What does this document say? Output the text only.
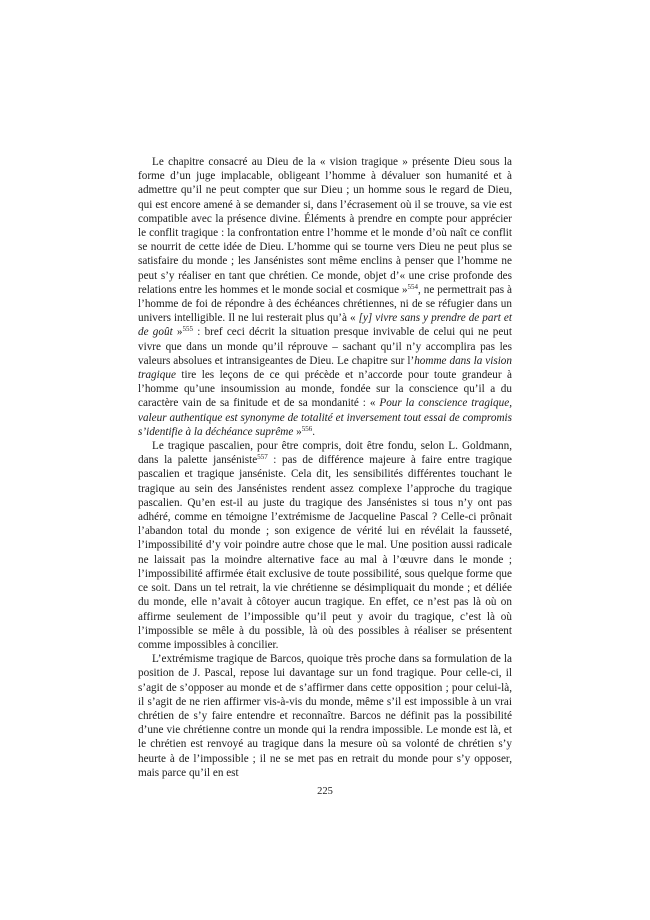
Le chapitre consacré au Dieu de la « vision tragique » présente Dieu sous la forme d’un juge implacable, obligeant l’homme à dévaluer son humanité et à admettre qu’il ne peut compter que sur Dieu ; un homme sous le regard de Dieu, qui est encore amené à se demander si, dans l’écrasement où il se trouve, sa vie est compatible avec la présence divine. Éléments à prendre en compte pour apprécier le conflit tragique : la confrontation entre l’homme et le monde d’où naît ce conflit se nourrit de cette idée de Dieu. L’homme qui se tourne vers Dieu ne peut plus se satisfaire du monde ; les Jansénistes sont même enclins à penser que l’homme ne peut s’y réaliser en tant que chrétien. Ce monde, objet d’« une crise profonde des relations entre les hommes et le monde social et cosmique »$^{554}$, ne permettrait pas à l’homme de foi de répondre à des échéances chrétiennes, ni de se réfugier dans un univers intelligible. Il ne lui resterait plus qu’à « [y] vivre sans y prendre de part et de goût »$^{555}$ : bref ceci décrit la situation presque invivable de celui qui ne peut vivre que dans un monde qu’il réprouve – sachant qu’il n’y accomplira pas les valeurs absolues et intransigeantes de Dieu. Le chapitre sur l’homme dans la vision tragique tire les leçons de ce qui précède et n’accorde pour toute grandeur à l’homme qu’une insoumission au monde, fondée sur la conscience qu’il a du caractère vain de sa finitude et de sa mondanité : « Pour la conscience tragique, valeur authentique est synonyme de totalité et inversement tout essai de compromis s’identifie à la déchéance suprême »$^{556}$.

Le tragique pascalien, pour être compris, doit être fondu, selon L. Goldmann, dans la palette janséniste$^{557}$ : pas de différence majeure à faire entre tragique pascalien et tragique janséniste. Cela dit, les sensibilités différentes touchant le tragique au sein des Jansénistes rendent assez complexe l’approche du tragique pascalien. Qu’en est-il au juste du tragique des Jansénistes si tous n’y ont pas adhéré, comme en témoigne l’extrémisme de Jacqueline Pascal ? Celle-ci prônait l’abandon total du monde ; son exigence de vérité lui en révélait la fausseté, l’impossibilité d’y voir poindre autre chose que le mal. Une position aussi radicale ne laissait pas la moindre alternative face au mal à l’œuvre dans le monde ; l’impossibilité affirmée était exclusive de toute possibilité, sous quelque forme que ce soit. Dans un tel retrait, la vie chrétienne se désimpliquait du monde ; et déliée du monde, elle n’avait à côtoyer aucun tragique. En effet, ce n’est pas là où on affirme seulement de l’impossible qu’il peut y avoir du tragique, c’est là où l’impossible se mêle à du possible, là où des possibles à réaliser se présentent comme impossibles à concilier.

L’extrémisme tragique de Barcos, quoique très proche dans sa formulation de la position de J. Pascal, repose lui davantage sur un fond tragique. Pour celle-ci, il s’agit de s’opposer au monde et de s’affirmer dans cette opposition ; pour celui-là, il s’agit de ne rien affirmer vis-à-vis du monde, même s’il est impossible à un vrai chrétien de s’y faire entendre et reconnaître. Barcos ne définit pas la possibilité d’une vie chrétienne contre un monde qui la rendra impossible. Le monde est là, et le chrétien est renvoyé au tragique dans la mesure où sa volonté de chrétien s’y heurte à de l’impossible ; il ne se met pas en retrait du monde pour s’y opposer, mais parce qu’il en est

225
